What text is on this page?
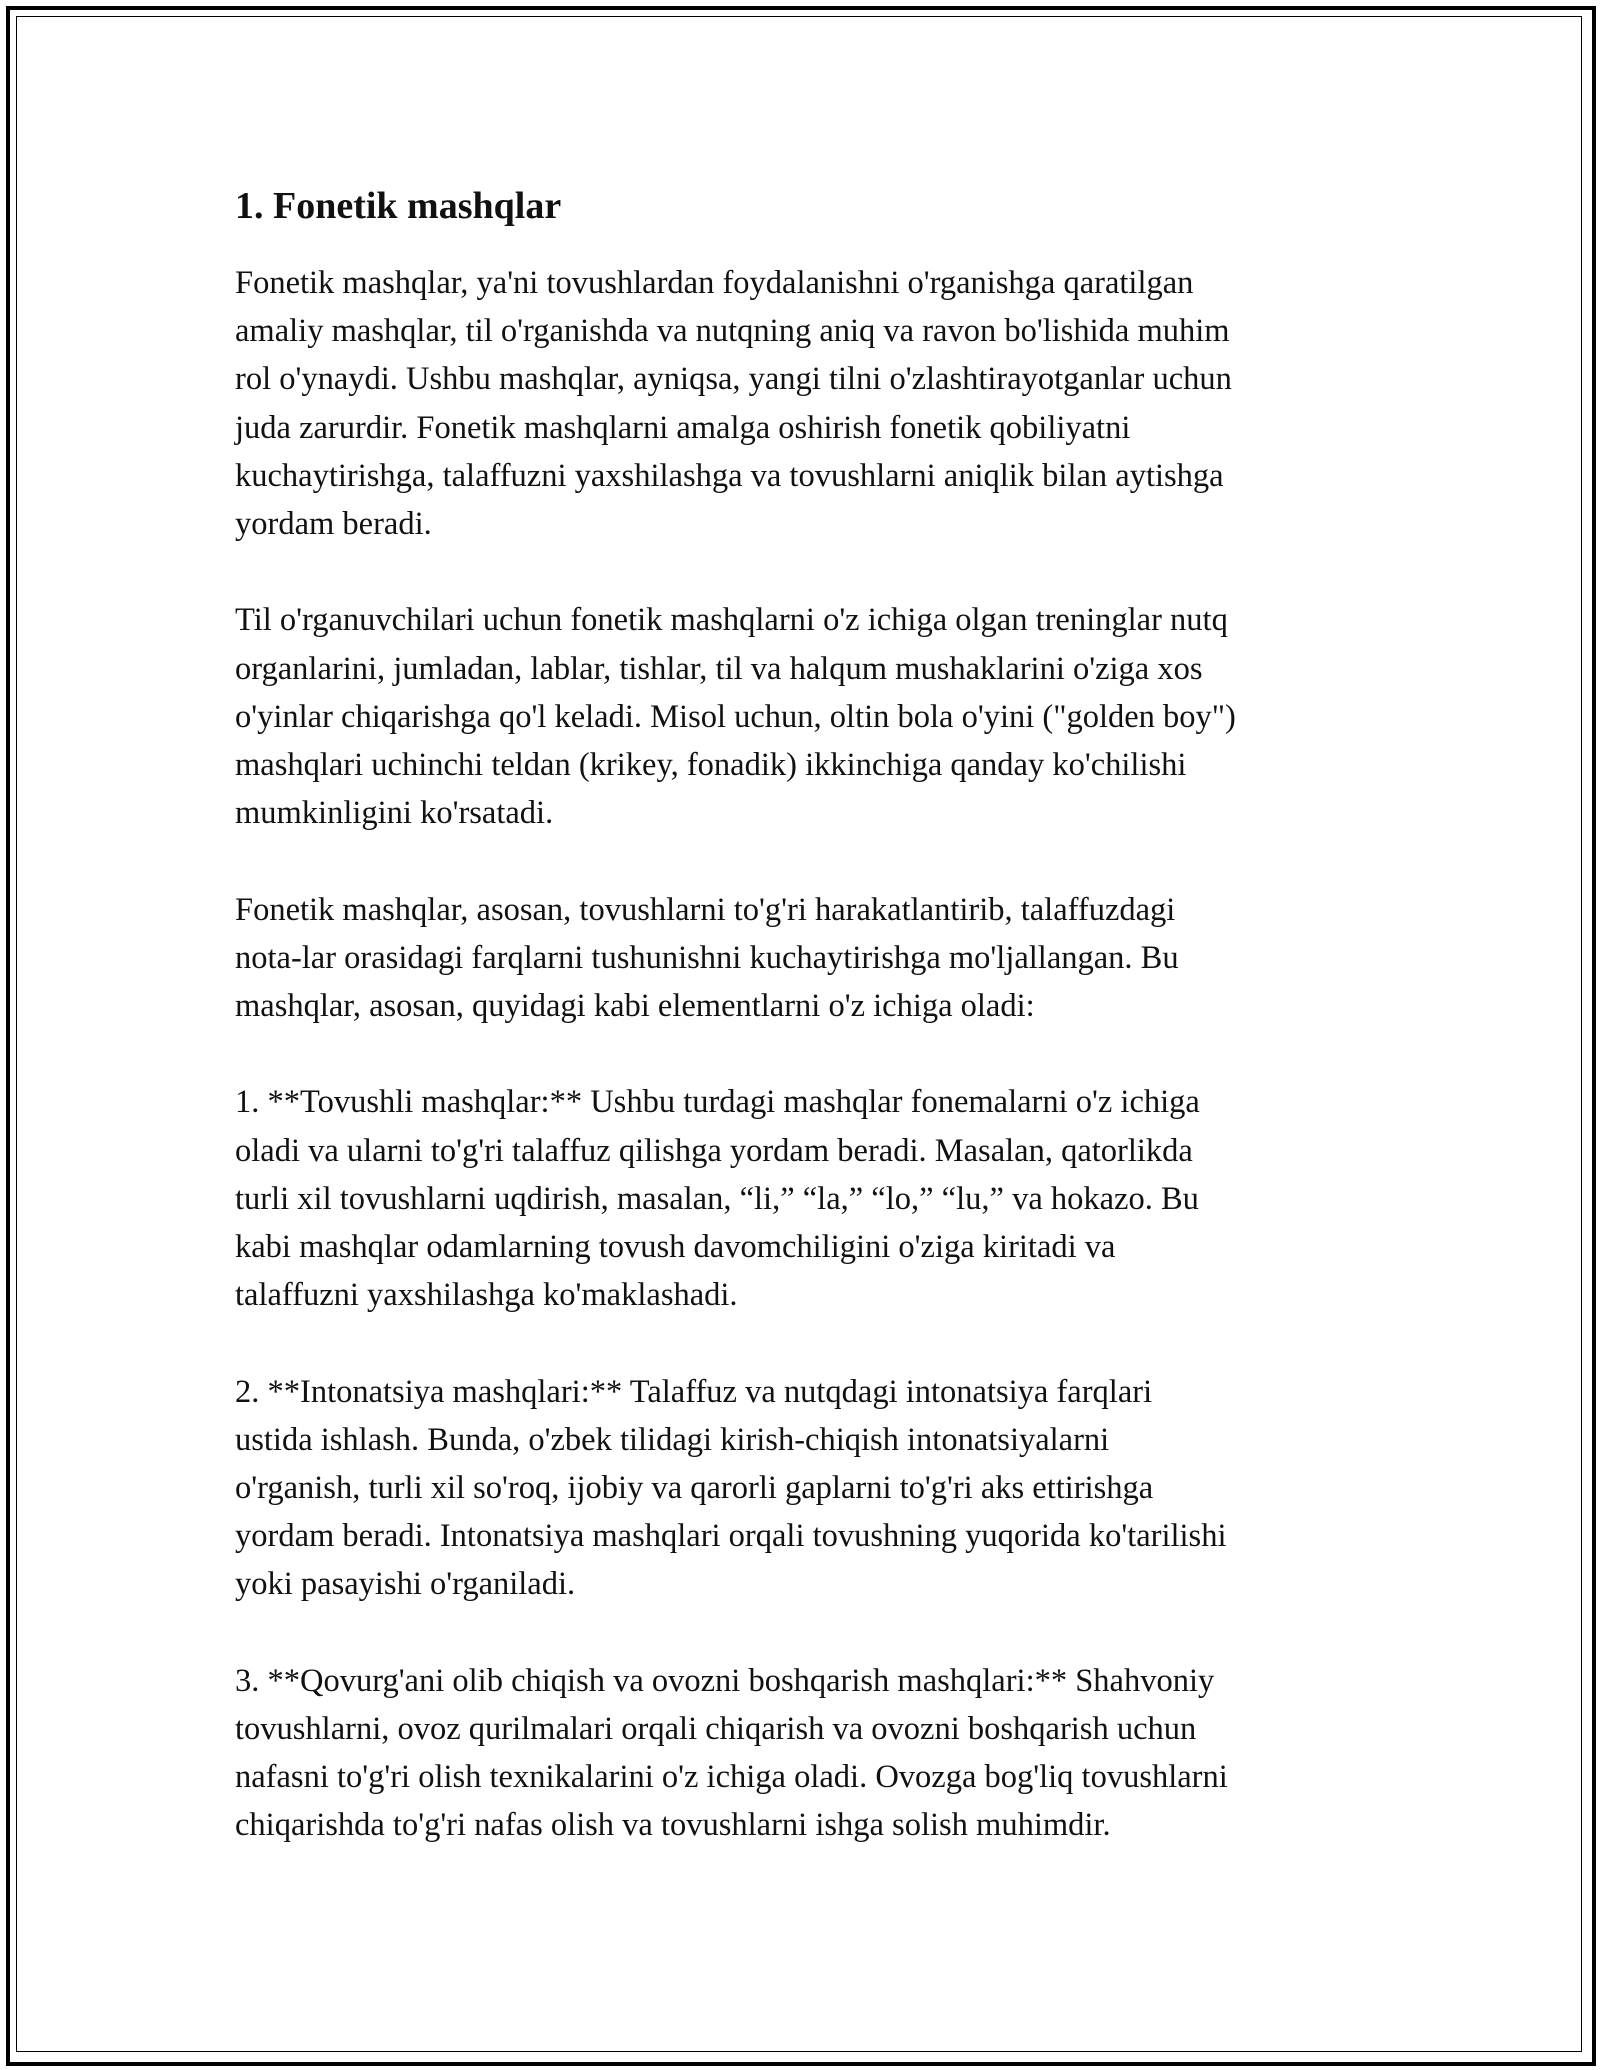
1. Fonetik mashqlar
Fonetik mashqlar, ya'ni tovushlardan foydalanishni o'rganishga qaratilgan
amaliy mashqlar, til o'rganishda va nutqning aniq va ravon bo'lishida muhim
rol o'ynaydi. Ushbu mashqlar, ayniqsa, yangi tilni o'zlashtirayotganlar uchun
juda zarurdir. Fonetik mashqlarni amalga oshirish fonetik qobiliyatni
kuchaytirishga, talaffuzni yaxshilashga va tovushlarni aniqlik bilan aytishga
yordam beradi.
Til o'rganuvchilari uchun fonetik mashqlarni o'z ichiga olgan treninglar nutq
organlarini, jumladan, lablar, tishlar, til va halqum mushaklarini o'ziga xos
o'yinlar chiqarishga qo'l keladi. Misol uchun, oltin bola o'yini ("golden boy")
mashqlari uchinchi teldan (krikey, fonadik) ikkinchiga qanday ko'chilishi
mumkinligini ko'rsatadi.
Fonetik mashqlar, asosan, tovushlarni to'g'ri harakatlantirib, talaffuzdagi
nota-lar orasidagi farqlarni tushunishni kuchaytirishga mo'ljallangan. Bu
mashqlar, asosan, quyidagi kabi elementlarni o'z ichiga oladi:
1. **Tovushli mashqlar:** Ushbu turdagi mashqlar fonemalarni o'z ichiga
oladi va ularni to'g'ri talaffuz qilishga yordam beradi. Masalan, qatorlikda
turli xil tovushlarni uqdirish, masalan, “li,” “la,” “lo,” “lu,” va hokazo. Bu
kabi mashqlar odamlarning tovush davomchiligini o'ziga kiritadi va
talaffuzni yaxshilashga ko'maklashadi.
2. **Intonatsiya mashqlari:** Talaffuz va nutqdagi intonatsiya farqlari
ustida ishlash. Bunda, o'zbek tilidagi kirish-chiqish intonatsiyalarni
o'rganish, turli xil so'roq, ijobiy va qarorli gaplarni to'g'ri aks ettirishga
yordam beradi. Intonatsiya mashqlari orqali tovushning yuqorida ko'tarilishi
yoki pasayishi o'rganiladi.
3. **Qovurg'ani olib chiqish va ovozni boshqarish mashqlari:** Shahvoniy
tovushlarni, ovoz qurilmalari orqali chiqarish va ovozni boshqarish uchun
nafasni to'g'ri olish texnikalarini o'z ichiga oladi. Ovozga bog'liq tovushlarni
chiqarishda to'g'ri nafas olish va tovushlarni ishga solish muhimdir.
